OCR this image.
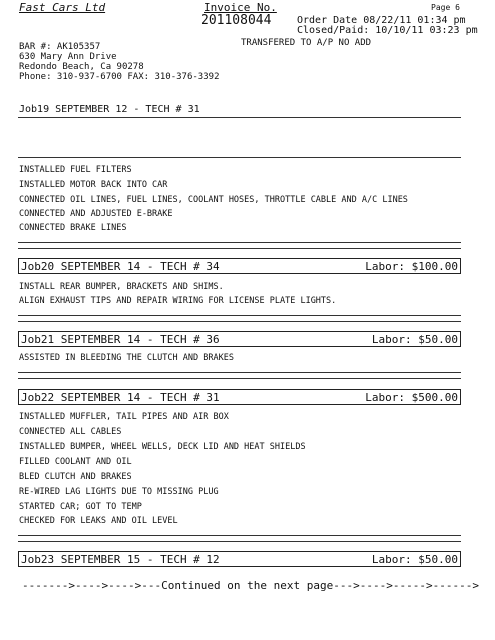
Fast Cars Ltd	Invoice No.	Page 6
201108044	Order Date 08/22/11 01:34 pm
Closed/Paid: 10/10/11 03:23 pm
TRANSFERED TO A/P NO ADD
BAR #: AK105357
630 Mary Ann Drive
Redondo Beach, Ca 90278
Phone: 310-937-6700 FAX: 310-376-3392
Job19 SEPTEMBER 12 - TECH # 31
INSTALLED FUEL FILTERS
INSTALLED MOTOR BACK INTO CAR
CONNECTED OIL LINES, FUEL LINES, COOLANT HOSES, THROTTLE CABLE AND A/C LINES
CONNECTED AND ADJUSTED E-BRAKE
CONNECTED BRAKE LINES
Job20 SEPTEMBER 14 - TECH # 34	Labor: $100.00
INSTALL REAR BUMPER, BRACKETS AND SHIMS.
ALIGN EXHAUST TIPS AND REPAIR WIRING FOR LICENSE PLATE LIGHTS.
Job21 SEPTEMBER 14 - TECH # 36	Labor: $50.00
ASSISTED IN BLEEDING THE CLUTCH AND BRAKES
Job22 SEPTEMBER 14 - TECH # 31	Labor: $500.00
INSTALLED MUFFLER, TAIL PIPES AND AIR BOX
CONNECTED ALL CABLES
INSTALLED BUMPER, WHEEL WELLS, DECK LID AND HEAT SHIELDS
FILLED COOLANT AND OIL
BLED CLUTCH AND BRAKES
RE-WIRED LAG LIGHTS DUE TO MISSING PLUG
STARTED CAR; GOT TO TEMP
CHECKED FOR LEAKS AND OIL LEVEL
Job23 SEPTEMBER 15 - TECH # 12	Labor: $50.00
------->---->---->---Continued on the next page--->---->----->------>
